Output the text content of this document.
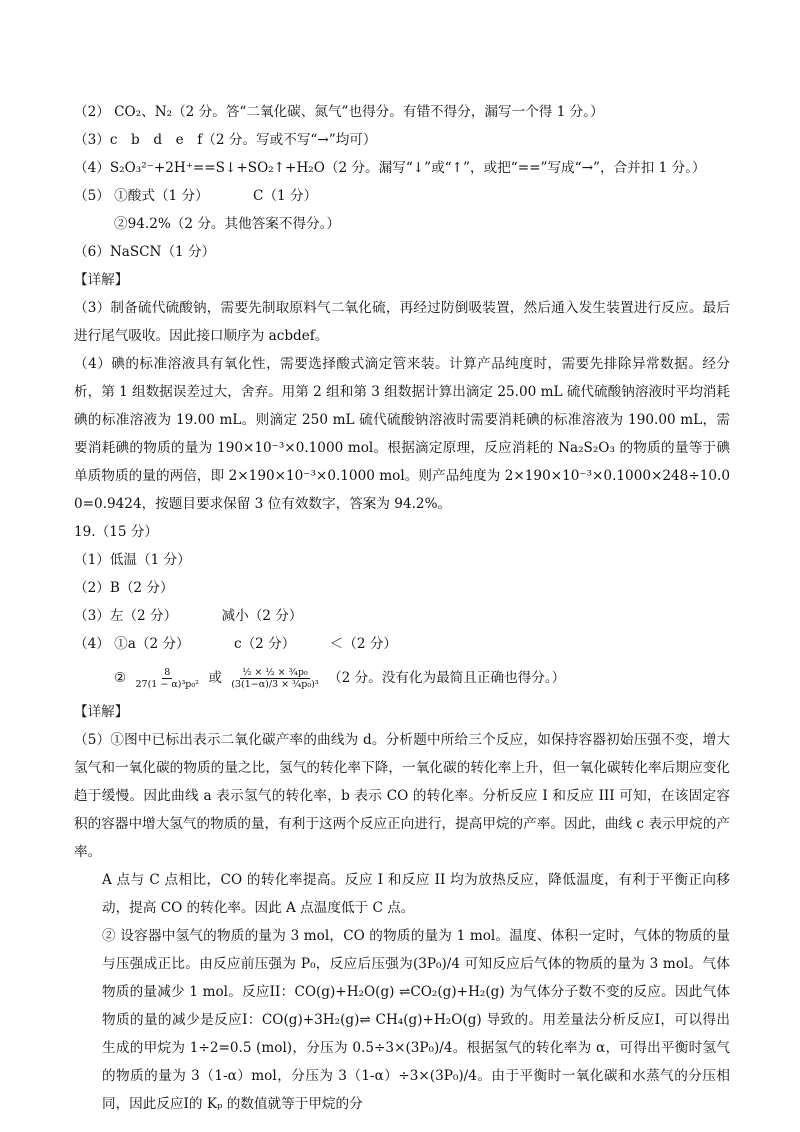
（2） CO₂、N₂（2 分。答“二氧化碳、氮气”也得分。有错不得分，漏写一个得 1 分。）
（3）c　b　d　e　f（2 分。写或不写“→”均可）
（4）S₂O₃²⁻+2H⁺==S↓+SO₂↑+H₂O（2 分。漏写“↓”或“↑”，或把“==”写成“→”，合并扣 1 分。）
（5） ①酸式（1 分）	C（1 分）
②94.2%（2 分。其他答案不得分。）
（6）NaSCN（1 分）
【详解】
（3）制备硫代硫酸钠，需要先制取原料气二氧化硫，再经过防倒吸装置，然后通入发生装置进行反应。最后进行尾气吸收。因此接口顺序为 acbdef。
（4）碘的标准溶液具有氧化性，需要选择酸式滴定管来装。计算产品纯度时，需要先排除异常数据。经分析，第 1 组数据误差过大，舍弃。用第 2 组和第 3 组数据计算出滴定 25.00 mL 硫代硫酸钠溶液时平均消耗碘的标准溶液为 19.00 mL。则滴定 250 mL 硫代硫酸钠溶液时需要消耗碘的标准溶液为 190.00 mL，需要消耗碘的物质的量为 190×10⁻³×0.1000 mol。根据滴定原理，反应消耗的 Na₂S₂O₃ 的物质的量等于碘单质物质的量的两倍，即 2×190×10⁻³×0.1000 mol。则产品纯度为 2×190×10⁻³×0.1000×248÷10.00=0.9424，按题目要求保留 3 位有效数字，答案为 94.2%。
19.（15 分）
（1）低温（1 分）
（2）B（2 分）
（3）左（2 分）	减小（2 分）
（4） ①a（2 分）	c（2 分）	＜（2 分）
② $\frac{8}{\text{27(1 − α)³p₀²}}$ 或 $\frac{\text{½ × ½ × ¾p₀}}{\text{(3(1−α)/3 × ¾p₀)³}} (2$ 分。没有化为最简且正确也得分。）
【详解】
（5）①图中已标出表示二氧化碳产率的曲线为 d。分析题中所给三个反应，如保持容器初始压强不变，增大氢气和一氧化碳的物质的量之比，氢气的转化率下降，一氧化碳的转化率上升，但一氧化碳转化率后期应变化趋于缓慢。因此曲线 a 表示氢气的转化率，b 表示 CO 的转化率。分析反应 I 和反应 III 可知，在该固定容积的容器中增大氢气的物质的量，有利于这两个反应正向进行，提高甲烷的产率。因此，曲线 c 表示甲烷的产率。
A 点与 C 点相比，CO 的转化率提高。反应 I 和反应 II 均为放热反应，降低温度，有利于平衡正向移动，提高 CO 的转化率。因此 A 点温度低于 C 点。
② 设容器中氢气的物质的量为 3 mol，CO 的物质的量为 1 mol。温度、体积一定时，气体的物质的量与压强成正比。由反应前压强为 P₀，反应后压强为(3P₀)/4 可知反应后气体的物质的量为 3 mol。气体物质的量减少 1 mol。反应II：CO(g)+H₂O(g) ⇌CO₂(g)+H₂(g) 为气体分子数不变的反应。因此气体物质的量的减少是反应I：CO(g)+3H₂(g)⇌ CH₄(g)+H₂O(g) 导致的。用差量法分析反应I，可以得出生成的甲烷为 1÷2=0.5 (mol)，分压为 0.5÷3×(3P₀)/4。根据氢气的转化率为 α，可得出平衡时氢气的物质的量为 3（1-α）mol，分压为 3（1-α）÷3×(3P₀)/4。由于平衡时一氧化碳和水蒸气的分压相同，因此反应I的 Kₚ 的数值就等于甲烷的分
